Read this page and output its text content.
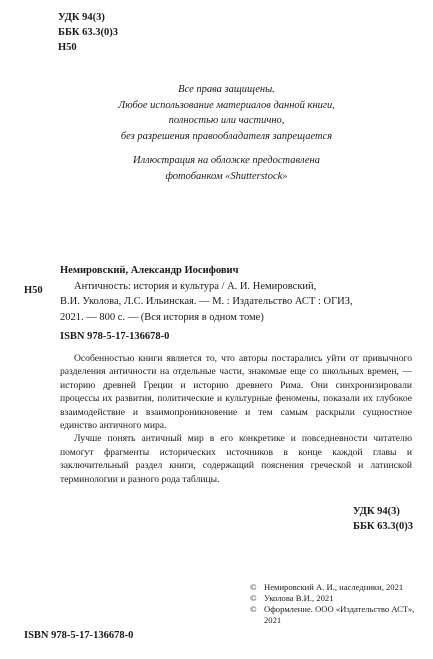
УДК 94(3)
ББК 63.3(0)3
Н50
Все права защищены.
Любое использование материалов данной книги,
полностью или частично,
без разрешения правообладателя запрещается
Иллюстрация на обложке предоставлена
фотобанком «Shutterstock»
Н50
Немировский, Александр Иосифович
Античность: история и культура / А. И. Немировский,
В.И. Уколова, Л.С. Ильинская. — М. : Издательство АСТ : ОГИЗ,
2021. — 800 с. — (Вся история в одном томе)
ISBN 978-5-17-136678-0

Особенностью книги является то, что авторы постарались уйти от привычного разделения античности на отдельные части, знакомые еще со школьных времен, — историю древней Греции и историю древнего Рима. Они синхронизировали процессы их развития, политические и культурные феномены, показали их глубокое взаимодействие и взаимопроникновение и тем самым раскрыли сущностное единство античного мира.

Лучше понять античный мир в его конкретике и повседневности читателю помогут фрагменты исторических источников в конце каждой главы и заключительный раздел книги, содержащий пояснения греческой и латинской терминологии и разного рода таблицы.

УДК 94(3)
ББК 63.3(0)3
© Немировский А. И., наследники, 2021
© Уколова В.И., 2021
© Оформление. ООО «Издательство АСТ», 2021
ISBN 978-5-17-136678-0
